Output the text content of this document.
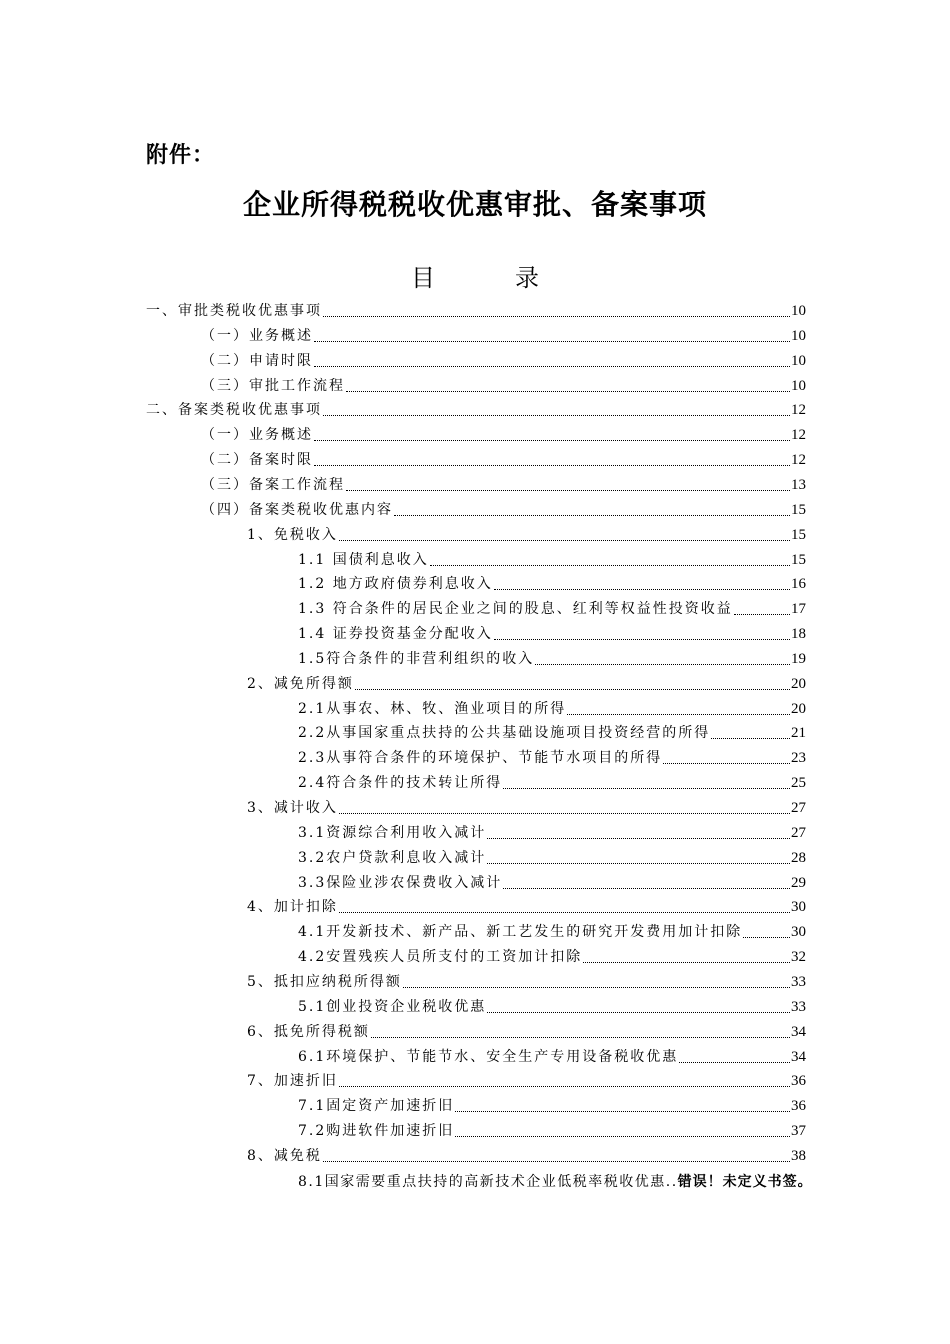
附件：
企业所得税税收优惠审批、备案事项
目　录
一、审批类税收优惠事项	10
（一）业务概述	10
（二）申请时限	10
（三）审批工作流程	10
二、备案类税收优惠事项	12
（一）业务概述	12
（二）备案时限	12
（三）备案工作流程	13
（四）备案类税收优惠内容	15
1、免税收入	15
1.1 国债利息收入	15
1.2 地方政府债券利息收入	16
1.3 符合条件的居民企业之间的股息、红利等权益性投资收益	17
1.4 证券投资基金分配收入	18
1.5符合条件的非营利组织的收入	19
2、减免所得额	20
2.1从事农、林、牧、渔业项目的所得	20
2.2从事国家重点扶持的公共基础设施项目投资经营的所得	21
2.3从事符合条件的环境保护、节能节水项目的所得	23
2.4符合条件的技术转让所得	25
3、减计收入	27
3.1资源综合利用收入减计	27
3.2农户贷款利息收入减计	28
3.3保险业涉农保费收入减计	29
4、加计扣除	30
4.1开发新技术、新产品、新工艺发生的研究开发费用加计扣除	30
4.2安置残疾人员所支付的工资加计扣除	32
5、抵扣应纳税所得额	33
5.1创业投资企业税收优惠	33
6、抵免所得税额	34
6.1环境保护、节能节水、安全生产专用设备税收优惠	34
7、加速折旧	36
7.1固定资产加速折旧	36
7.2购进软件加速折旧	37
8、减免税	38
8.1国家需要重点扶持的高新技术企业低税率税收优惠..错误！未定义书签。
